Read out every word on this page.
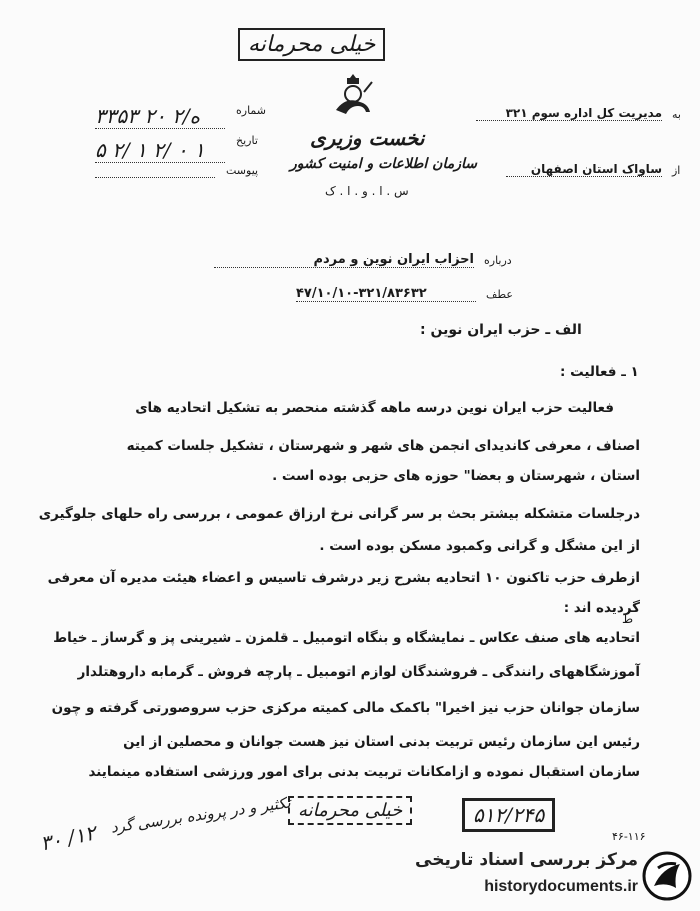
خیلی محرمانه
نخست وزیری
سازمان اطلاعات و امنیت کشور
س . ا . و . ا . ک
شماره
تاریخ
پیوست
۳۳۵۳ ۲۰ ۲/ه
۵ ۲/ ۱ ۲/ ۰ ۱
به
مدیریت کل اداره سوم ۳۲۱
از
ساواک استان اصفهان
درباره
احزاب ایران نوین و مردم
عطف
۴۷/۱۰/۱۰-۳۲۱/۸۳۶۳۲
الف ـ حزب ایران نوین :
۱ ـ فعالیت :
فعالیت حزب ایران نوین درسه ماهه گذشته منحصر به تشکیل اتحادیه های
اصناف ، معرفی کاندیدای انجمن های شهر و شهرستان ، تشکیل جلسات کمیته
استان ، شهرستان و بعضا" حوزه های حزبی بوده است .
درجلسات متشکله بیشتر بحث بر سر گرانی نرخ ارزاق عمومی ، بررسی راه حلهای جلوگیری
از این مشگل و گرانی وکمبود مسکن بوده است .
ازطرف حزب تاکنون ۱۰ اتحادیه بشرح زیر درشرف تاسیس و اعضاء هیئت مدیره آن معرفی
گردیده اند :
ط
اتحادیه های صنف عکاس ـ نمایشگاه و بنگاه اتومبیل ـ قلمزن ـ شیرینی پز و گرساز ـ خیاط
آموزشگاههای رانندگی ـ فروشندگان لوازم اتومبیل ـ پارچه فروش ـ گرمابه داروهتلدار
سازمان جوانان حزب نیز اخیرا" باکمک مالی کمیته مرکزی حزب سروصورتی گرفته و چون
رئیس این سازمان رئیس تربیت بدنی استان نیز هست جوانان و محصلین از این
سازمان استقبال نموده و ازامکانات تربیت بدنی برای امور ورزشی استفاده مینمایند
تکثیر و در پرونده بررسی گرد
۳۰ /۱۲
خیلی محرمانه	۵۱۲/۲۴۵
۴۶-۱۱۶
مرکز بررسی اسناد تاریخی
historydocuments.ir
